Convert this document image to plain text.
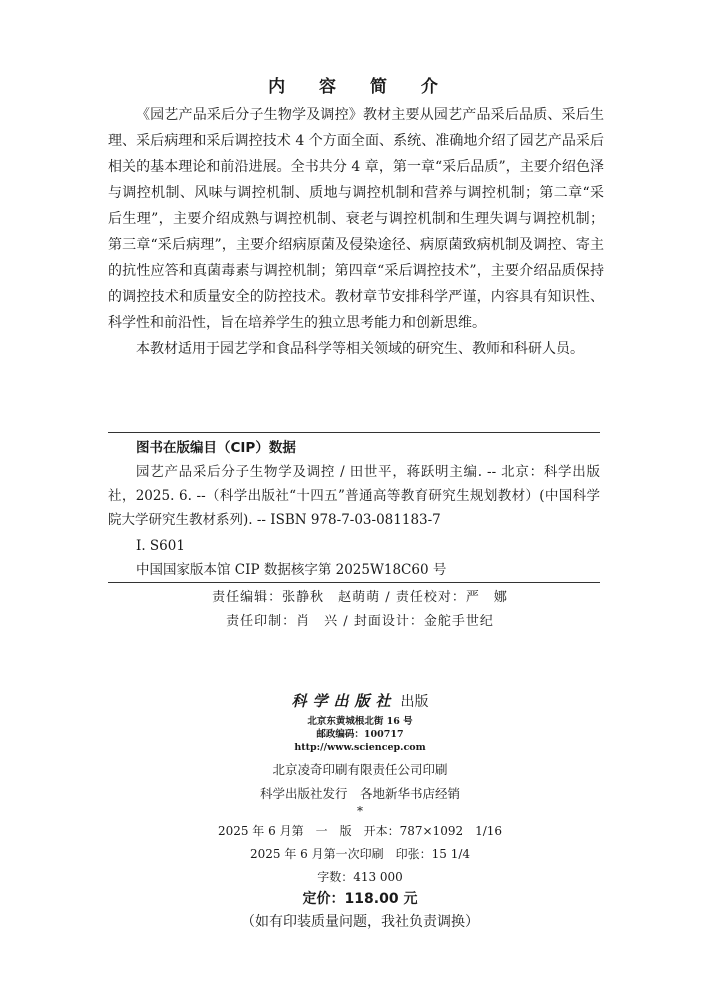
内 容 简 介

《园艺产品采后分子生物学及调控》教材主要从园艺产品采后品质、采后生理、采后病理和采后调控技术 4 个方面全面、系统、准确地介绍了园艺产品采后相关的基本理论和前沿进展。全书共分 4 章，第一章“采后品质”，主要介绍色泽与调控机制、风味与调控机制、质地与调控机制和营养与调控机制；第二章“采后生理”，主要介绍成熟与调控机制、衰老与调控机制和生理失调与调控机制；第三章“采后病理”，主要介绍病原菌及侵染途径、病原菌致病机制及调控、寄主的抗性应答和真菌毒素与调控机制；第四章“采后调控技术”，主要介绍品质保持的调控技术和质量安全的防控技术。教材章节安排科学严谨，内容具有知识性、科学性和前沿性，旨在培养学生的独立思考能力和创新思维。

本教材适用于园艺学和食品科学等相关领域的研究生、教师和科研人员。

图书在版编目（CIP）数据

园艺产品采后分子生物学及调控 / 田世平，蒋跃明主编. -- 北京：科学出版社，2025. 6. --（科学出版社“十四五”普通高等教育研究生规划教材）(中国科学院大学研究生教材系列). -- ISBN 978-7-03-081183-7

Ⅰ. S601
中国国家版本馆 CIP 数据核字第 2025W18C60 号
责任编辑：张静秋　赵萌萌 / 责任校对：严　娜
责任印制：肖　兴 / 封面设计：金舵手世纪
科学出版社 出版
北京东黄城根北街 16 号
邮政编码：100717
http://www.sciencep.com
北京凌奇印刷有限责任公司印刷
科学出版社发行　各地新华书店经销
*
2025 年 6 月第　一　版　 开本：787×1092　1/16
2025 年 6 月第一次印刷　 印张：15 1/4
字数：413 000
定价：118.00 元
（如有印装质量问题，我社负责调换）
